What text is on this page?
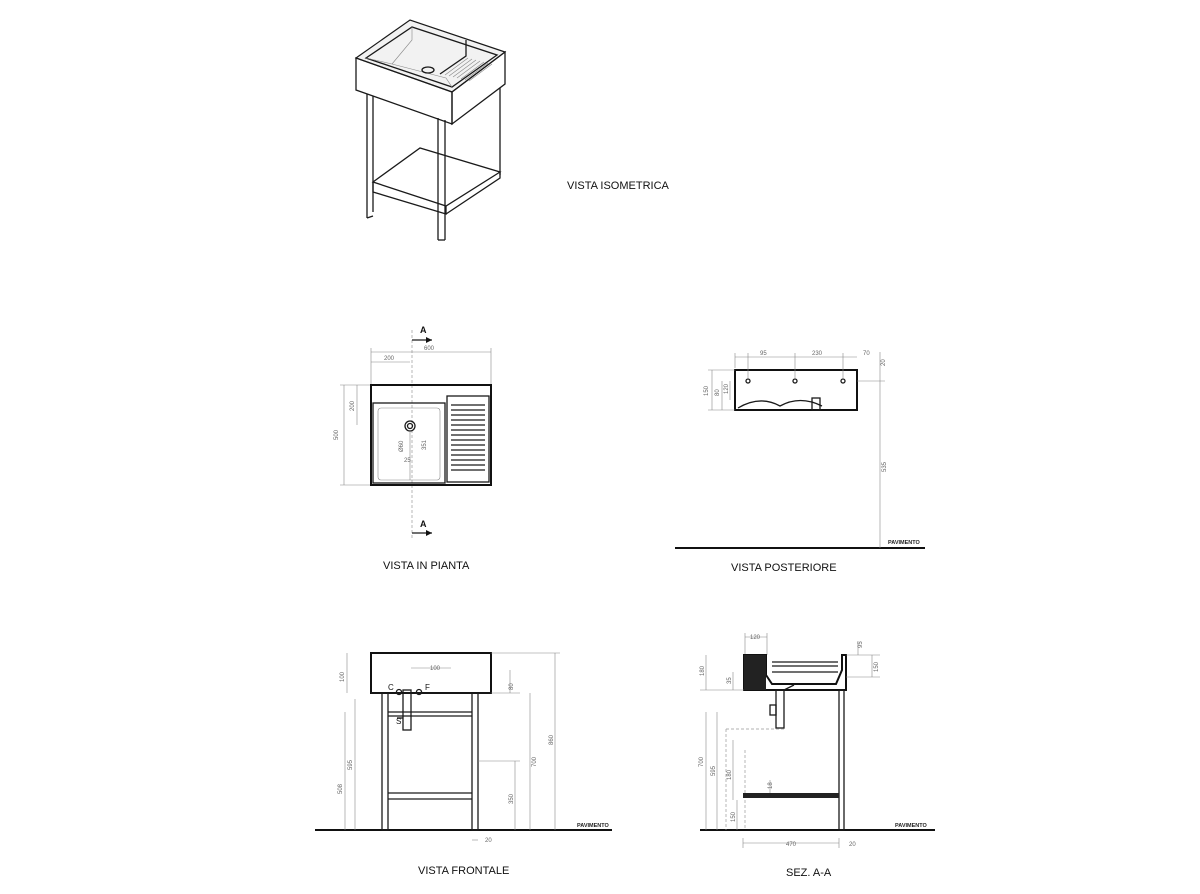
VISTA ISOMETRICA
A
A
600
200
500
200
Ø60	351
25
VISTA IN PIANTA
PAVIMENTO
95	230	70
20
535
150 80 120
VISTA POSTERIORE
PAVIMENTO
C	F
S
100
100
508
595
80
700
350
860
20
VISTA FRONTALE
PAVIMENTO
120
95
150
180
35
700
595 180
150
18
470	20
SEZ. A-A
